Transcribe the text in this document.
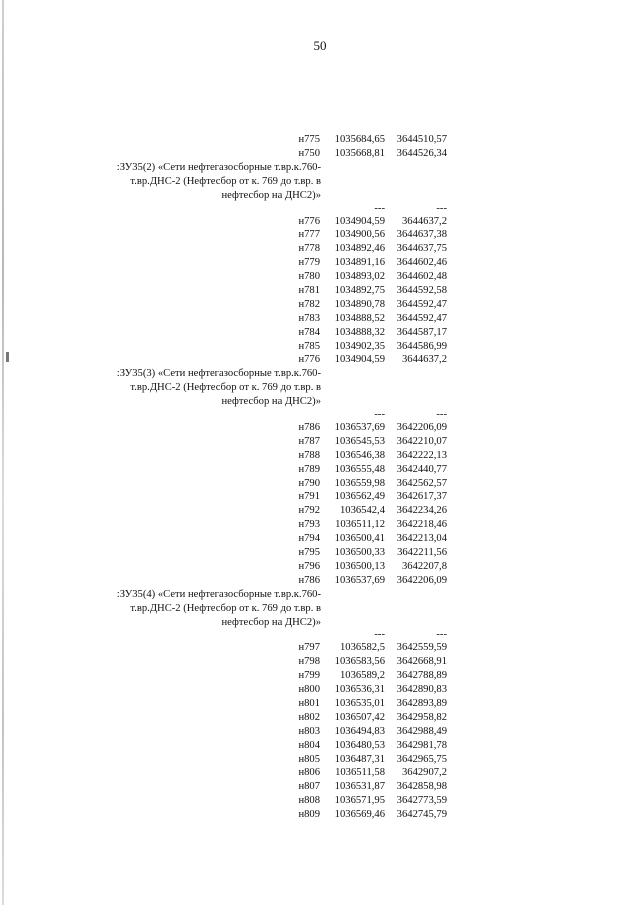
50
н775 1035684,65 3644510,57
н750 1035668,81 3644526,34
:ЗУ35(2) «Сети нефтегазосборные т.вр.к.760-т.вр.ДНС-2 (Нефтесбор от к. 769 до т.вр. в нефтесбор на ДНС2)»
---	---
н776 1034904,59 3644637,2
н777 1034900,56 3644637,38
н778 1034892,46 3644637,75
н779 1034891,16 3644602,46
н780 1034893,02 3644602,48
н781 1034892,75 3644592,58
н782 1034890,78 3644592,47
н783 1034888,52 3644592,47
н784 1034888,32 3644587,17
н785 1034902,35 3644586,99
н776 1034904,59 3644637,2
:ЗУ35(3) «Сети нефтегазосборные т.вр.к.760-т.вр.ДНС-2 (Нефтесбор от к. 769 до т.вр. в нефтесбор на ДНС2)»
---	---
н786 1036537,69 3642206,09
н787 1036545,53 3642210,07
н788 1036546,38 3642222,13
н789 1036555,48 3642440,77
н790 1036559,98 3642562,57
н791 1036562,49 3642617,37
н792 1036542,4 3642234,26
н793 1036511,12 3642218,46
н794 1036500,41 3642213,04
н795 1036500,33 3642211,56
н796 1036500,13 3642207,8
н786 1036537,69 3642206,09
:ЗУ35(4) «Сети нефтегазосборные т.вр.к.760-т.вр.ДНС-2 (Нефтесбор от к. 769 до т.вр. в нефтесбор на ДНС2)»
---	---
н797 1036582,5 3642559,59
н798 1036583,56 3642668,91
н799 1036589,2 3642788,89
н800 1036536,31 3642890,83
н801 1036535,01 3642893,89
н802 1036507,42 3642958,82
н803 1036494,83 3642988,49
н804 1036480,53 3642981,78
н805 1036487,31 3642965,75
н806 1036511,58 3642907,2
н807 1036531,87 3642858,98
н808 1036571,95 3642773,59
н809 1036569,46 3642745,79
